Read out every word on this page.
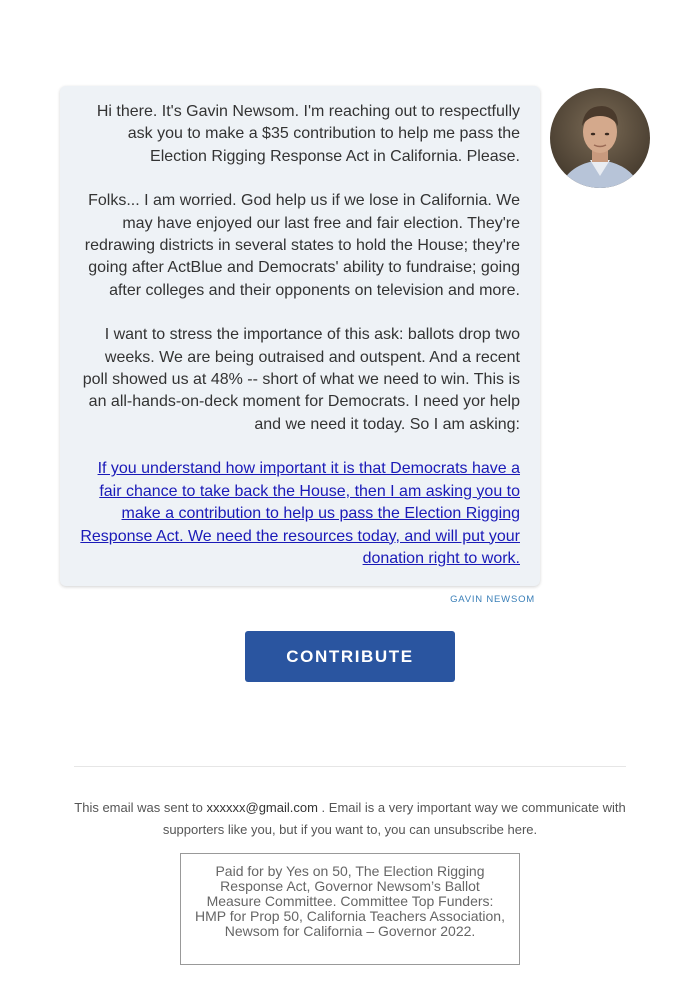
Hi there. It's Gavin Newsom. I'm reaching out to respectfully ask you to make a $35 contribution to help me pass the Election Rigging Response Act in California. Please.

Folks... I am worried. God help us if we lose in California. We may have enjoyed our last free and fair election. They're redrawing districts in several states to hold the House; they're going after ActBlue and Democrats' ability to fundraise; going after colleges and their opponents on television and more.

I want to stress the importance of this ask: ballots drop two weeks. We are being outraised and outspent. And a recent poll showed us at 48% -- short of what we need to win. This is an all-hands-on-deck moment for Democrats. I need yor help and we need it today. So I am asking:

If you understand how important it is that Democrats have a fair chance to take back the House, then I am asking you to make a contribution to help us pass the Election Rigging Response Act. We need the resources today, and will put your donation right to work.

GAVIN NEWSOM
CONTRIBUTE
This email was sent to xxxxxx@gmail.com . Email is a very important way we communicate with supporters like you, but if you want to, you can unsubscribe here.
Paid for by Yes on 50, The Election Rigging Response Act, Governor Newsom’s Ballot Measure Committee. Committee Top Funders: HMP for Prop 50, California Teachers Association, Newsom for California – Governor 2022.
